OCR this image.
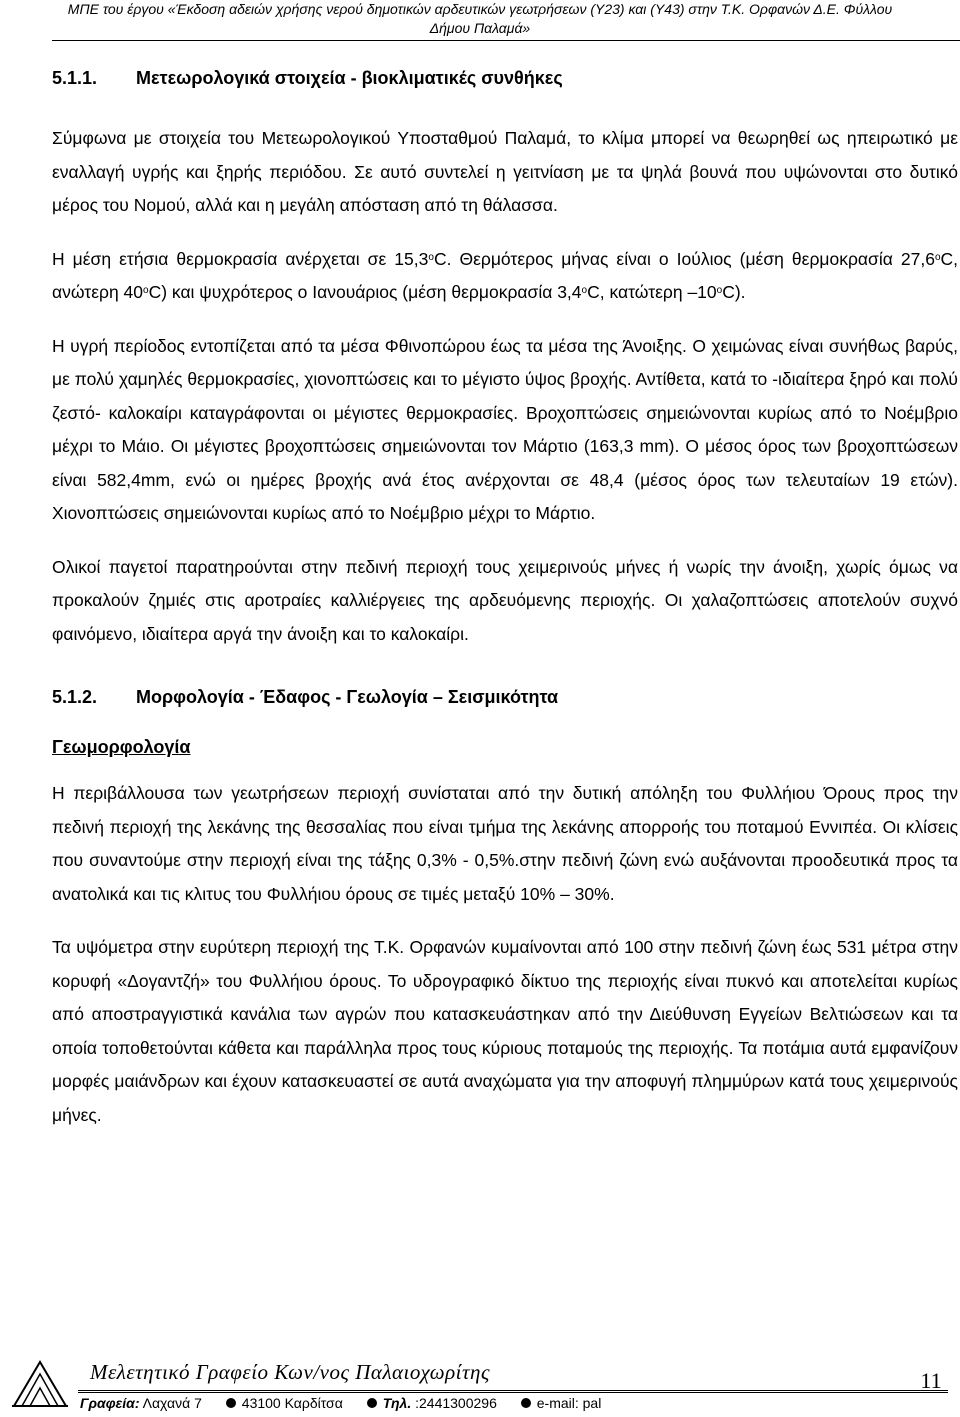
ΜΠΕ του έργου «Έκδοση αδειών χρήσης νερού δημοτικών αρδευτικών γεωτρήσεων (Υ23) και (Υ43) στην Τ.Κ. Ορφανών Δ.Ε. Φύλλου
Δήμου Παλαμά»
5.1.1.	Μετεωρολογικά στοιχεία - βιοκλιματικές συνθήκες

Σύμφωνα με στοιχεία του Μετεωρολογικού Υποσταθμού Παλαμά, το κλίμα μπορεί να θεωρηθεί ως ηπειρωτικό με εναλλαγή υγρής και ξηρής περιόδου. Σε αυτό συντελεί η γειτνίαση με τα ψηλά βουνά που υψώνονται στο δυτικό μέρος του Νομού, αλλά και η μεγάλη απόσταση από τη θάλασσα.

Η μέση ετήσια θερμοκρασία ανέρχεται σε $15,3^oC$. Θερμότερος μήνας είναι ο Ιούλιος (μέση θερμοκρασία $27,6^oC$, ανώτερη $40^oC$) και ψυχρότερος ο Ιανουάριος (μέση θερμοκρασία $3,4^oC$, κατώτερη $-10^oC$).

Η υγρή περίοδος εντοπίζεται από τα μέσα Φθινοπώρου έως τα μέσα της Άνοιξης. Ο χειμώνας είναι συνήθως βαρύς, με πολύ χαμηλές θερμοκρασίες, χιονοπτώσεις και το μέγιστο ύψος βροχής. Αντίθετα, κατά το -ιδιαίτερα ξηρό και πολύ ζεστό- καλοκαίρι καταγράφονται οι μέγιστες θερμοκρασίες. Βροχοπτώσεις σημειώνονται κυρίως από το Νοέμβριο μέχρι το Μάιο. Οι μέγιστες βροχοπτώσεις σημειώνονται τον Μάρτιο (163,3 mm). Ο μέσος όρος των βροχοπτώσεων είναι 582,4mm, ενώ οι ημέρες βροχής ανά έτος ανέρχονται σε 48,4 (μέσος όρος των τελευταίων 19 ετών). Χιονοπτώσεις σημειώνονται κυρίως από το Νοέμβριο μέχρι το Μάρτιο.

Ολικοί παγετοί παρατηρούνται στην πεδινή περιοχή τους χειμερινούς μήνες ή νωρίς την άνοιξη, χωρίς όμως να προκαλούν ζημιές στις αροτραίες καλλιέργειες της αρδευόμενης περιοχής. Οι χαλαζοπτώσεις αποτελούν συχνό φαινόμενο, ιδιαίτερα αργά την άνοιξη και το καλοκαίρι.

5.1.2.	Μορφολογία - Έδαφος - Γεωλογία – Σεισμικότητα
Γεωμορφολογία

Η περιβάλλουσα των γεωτρήσεων περιοχή συνίσταται από την δυτική απόληξη του Φυλλήιου Όρους προς την πεδινή περιοχή της λεκάνης της θεσσαλίας που είναι τμήμα της λεκάνης απορροής του ποταμού Εννιπέα. Οι κλίσεις που συναντούμε στην περιοχή είναι της τάξης 0,3% - 0,5%.στην πεδινή ζώνη ενώ αυξάνονται προοδευτικά προς τα ανατολικά και τις κλιτυς του Φυλλήιου όρους σε τιμές μεταξύ 10% – 30%.

Τα υψόμετρα στην ευρύτερη περιοχή της Τ.Κ. Ορφανών κυμαίνονται από 100 στην πεδινή ζώνη έως 531 μέτρα στην κορυφή «Δογαντζή» του Φυλλήιου όρους. Το υδρογραφικό δίκτυο της περιοχής είναι πυκνό και αποτελείται κυρίως από αποστραγγιστικά κανάλια των αγρών που κατασκευάστηκαν από την Διεύθυνση Εγγείων Βελτιώσεων και τα οποία τοποθετούνται κάθετα και παράλληλα προς τους κύριους ποταμούς της περιοχής. Τα ποτάμια αυτά εμφανίζουν μορφές μαιάνδρων και έχουν κατασκευαστεί σε αυτά αναχώματα για την αποφυγή πλημμύρων κατά τους χειμερινούς μήνες.

Μελετητικό Γραφείο Κων/νος Παλαιοχωρίτης	11
Γραφεία: Λαχανά 7	43100 Καρδίτσα	Τηλ. :2441300296	e-mail: pal
